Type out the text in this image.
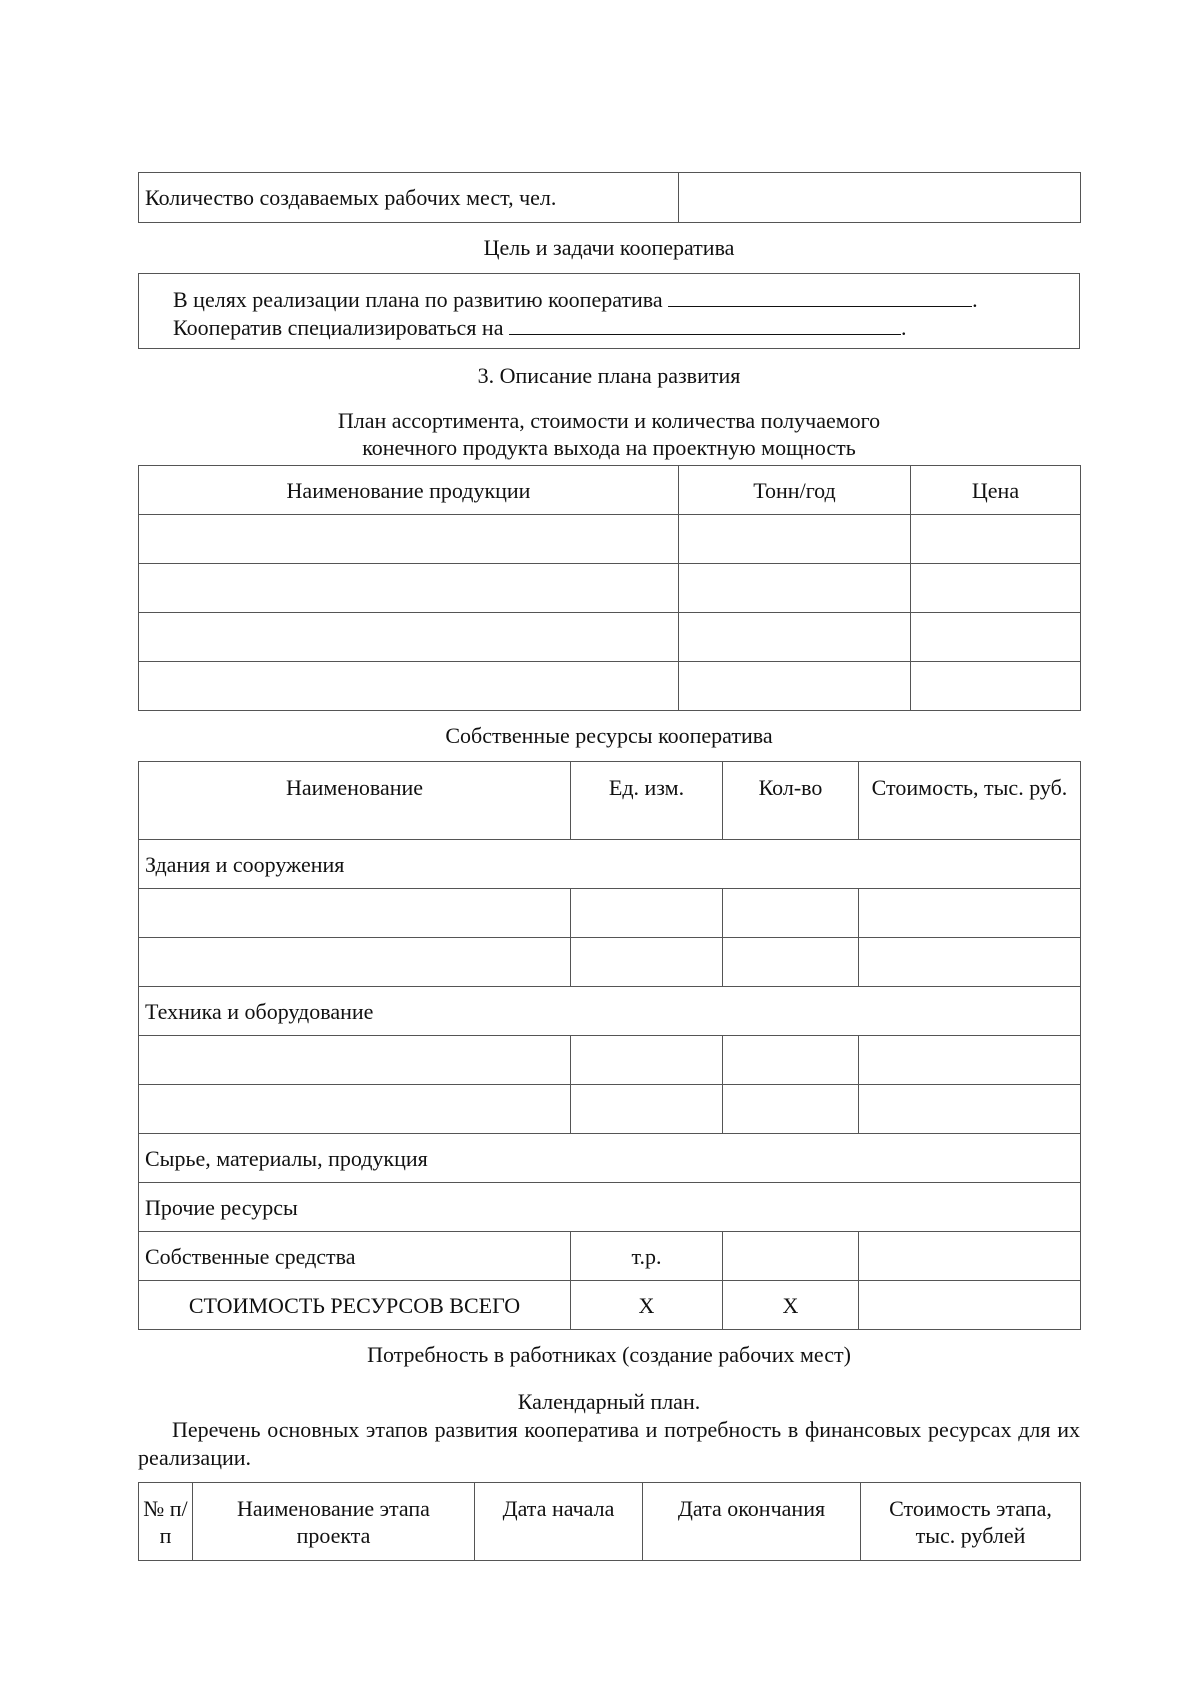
Количество создаваемых рабочих мест, чел.	
Цель и задачи кооператива
В целях реализации плана по развитию кооператива	.
Кооператив специализироваться на	.
3. Описание плана развития
План ассортимента, стоимости и количества получаемого
конечного продукта выхода на проектную мощность
Наименование продукции	Тонн/год	Цена

Собственные ресурсы кооператива
Наименование	Ед. изм.	Кол-во	Стоимость, тыс. руб.
Здания и сооружения			

Техника и оборудование			

Сырье, материалы, продукция			
Прочие ресурсы			
Собственные средства	т.р.		
СТОИМОСТЬ РЕСУРСОВ ВСЕГО	Х	Х	
Потребность в работниках (создание рабочих мест)
Календарный план.
Перечень основных этапов развития кооператива и потребность в финансовых ресурсах для их реализации.
№ п/п	Наименование этапа проекта	Дата начала	Дата окончания	Стоимость этапа, тыс. рублей
